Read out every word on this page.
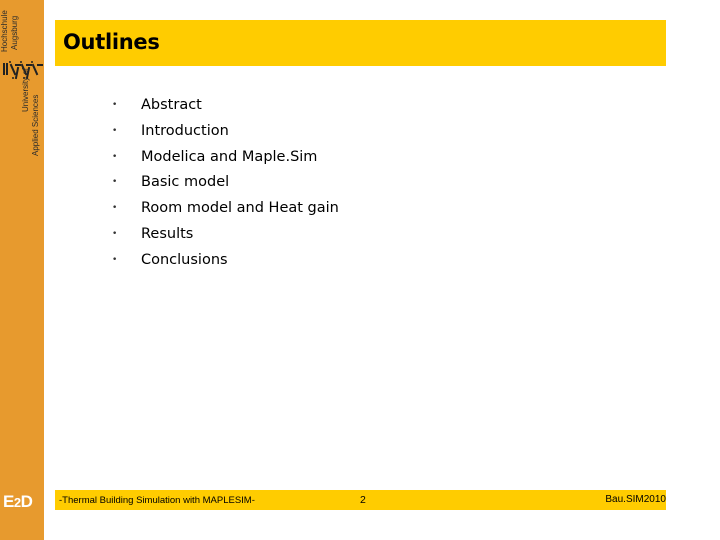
Hochschule Augsburg
University of
Applied Sciences
E2D
Outlines
• Abstract
• Introduction
• Modelica and Maple.Sim
• Basic model
• Room model and Heat gain
• Results
• Conclusions
-Thermal Building Simulation with MAPLESIM-	2	Bau.SIM2010
